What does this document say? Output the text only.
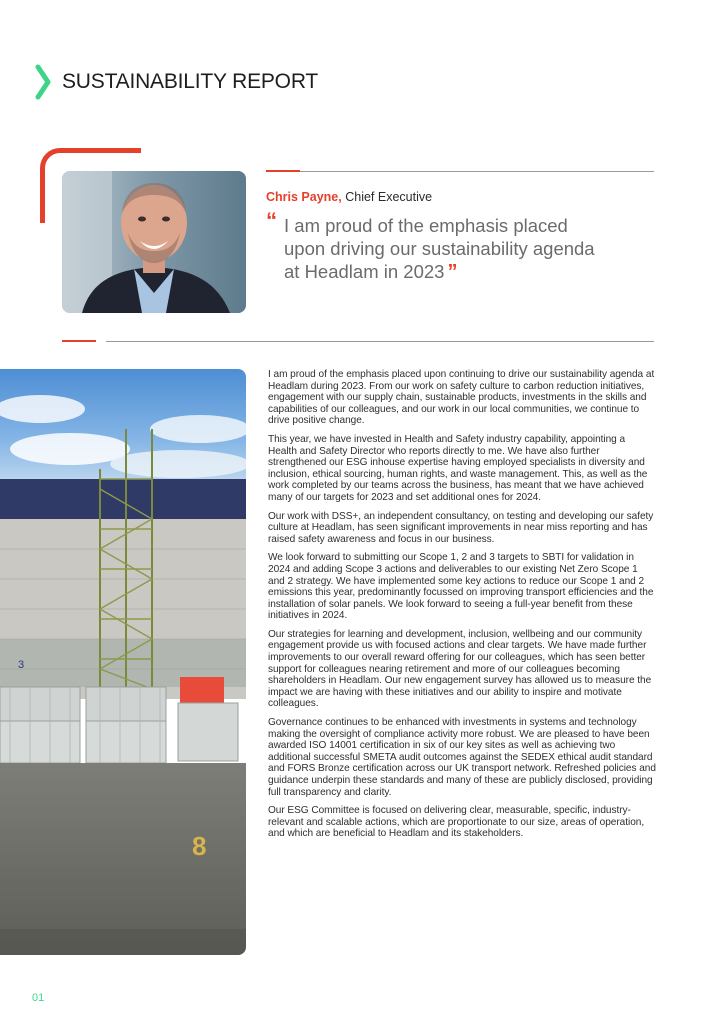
SUSTAINABILITY REPORT
Chris Payne, Chief Executive
“ I am proud of the emphasis placed upon driving our sustainability agenda at Headlam in 2023 ”

3
8

I am proud of the emphasis placed upon continuing to drive our sustainability agenda at Headlam during 2023. From our work on safety culture to carbon reduction initiatives, engagement with our supply chain, sustainable products, investments in the skills and capabilities of our colleagues, and our work in our local communities, we continue to drive positive change.

This year, we have invested in Health and Safety industry capability, appointing a Health and Safety Director who reports directly to me. We have also further strengthened our ESG inhouse expertise having employed specialists in diversity and inclusion, ethical sourcing, human rights, and waste management. This, as well as the work completed by our teams across the business, has meant that we have achieved many of our targets for 2023 and set additional ones for 2024.

Our work with DSS+, an independent consultancy, on testing and developing our safety culture at Headlam, has seen significant improvements in near miss reporting and has raised safety awareness and focus in our business.

We look forward to submitting our Scope 1, 2 and 3 targets to SBTI for validation in 2024 and adding Scope 3 actions and deliverables to our existing Net Zero Scope 1 and 2 strategy. We have implemented some key actions to reduce our Scope 1 and 2 emissions this year, predominantly focussed on improving transport efficiencies and the installation of solar panels. We look forward to seeing a full-year benefit from these initiatives in 2024.

Our strategies for learning and development, inclusion, wellbeing and our community engagement provide us with focused actions and clear targets. We have made further improvements to our overall reward offering for our colleagues, which has seen better support for colleagues nearing retirement and more of our colleagues becoming shareholders in Headlam. Our new engagement survey has allowed us to measure the impact we are having with these initiatives and our ability to inspire and motivate colleagues.

Governance continues to be enhanced with investments in systems and technology making the oversight of compliance activity more robust. We are pleased to have been awarded ISO 14001 certification in six of our key sites as well as achieving two additional successful SMETA audit outcomes against the SEDEX ethical audit standard and FORS Bronze certification across our UK transport network. Refreshed policies and guidance underpin these standards and many of these are publicly disclosed, providing full transparency and clarity.

Our ESG Committee is focused on delivering clear, measurable, specific, industry-relevant and scalable actions, which are proportionate to our size, areas of operation, and which are beneficial to Headlam and its stakeholders.

01
